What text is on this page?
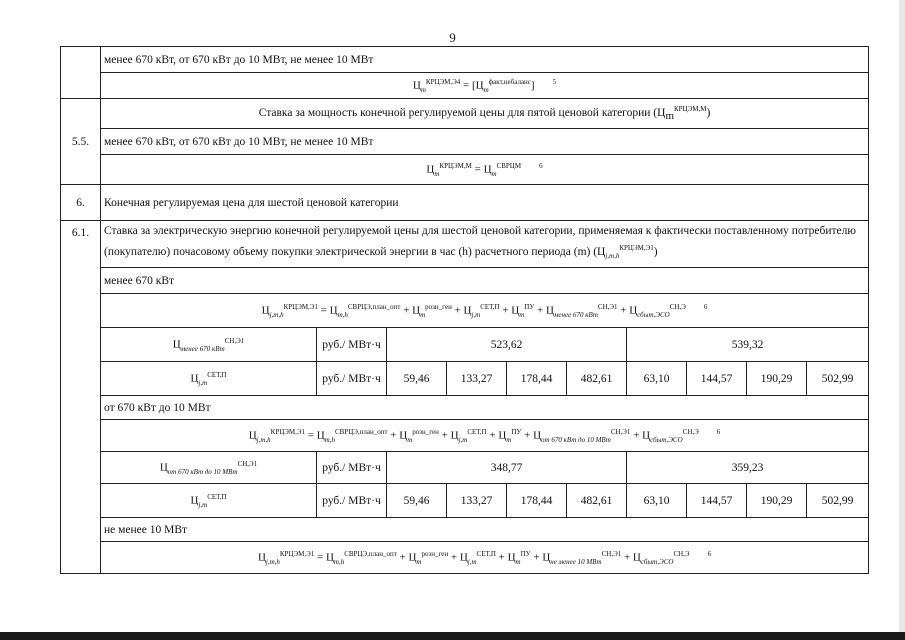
9
	менее 670 кВт, от 670 кВт до 10 МВт, не менее 10 МВт									
	$Ц_m^{КРЦЭМ,Э4} = [Ц_m^{факт,небаланс}]$ $^5$
5.5.	Ставка за мощность конечной регулируемой цены для пятой ценовой категории $(Ц_m^{КРЦЭМ,М})$									
	менее 670 кВт, от 670 кВт до 10 МВт, не менее 10 МВт									
	$Ц_m^{КРЦЭМ,М} = Ц_m^{СВРЦМ}$ $^6$
6.	Конечная регулируемая цена для шестой ценовой категории									
6.1.	Ставка за электрическую энергию конечной регулируемой цены для шестой ценовой категории, применяемая к фактически поставленному потребителю (покупателю) почасовому объему покупки электрической энергии в час (h) расчетного периода (m) $(Ц_{j,m,h}^{КРЦЭМ,Э1})$									
	менее 670 кВт									
	$Ц_{j,m,h}^{КРЦЭМ,Э1} = Ц_{m,h}^{СВРЦЭ,план\_опт} + Ц_m^{розн\_ген} + Ц_{j,m}^{СЕТ,П} + Ц_m^{ПУ} + Ц_{менее 670 кВт}^{СН,Э1} + Ц_{сбыт,ЭСО}^{СН,Э}$ $^6$
	$Ц_{менее 670 кВт}^{СН,Э1}$	руб./ МВт·ч	523,62				539,32			
	$Ц_{j,m}^{СЕТ,П}$	руб./ МВт·ч	59,46	133,27	178,44	482,61	63,10	144,57	190,29	502,99
	от 670 кВт до 10 МВт									
	$Ц_{j,m,h}^{КРЦЭМ,Э1} = Ц_{m,h}^{СВРЦЭ,план\_опт} + Ц_m^{розн\_ген} + Ц_{j,m}^{СЕТ,П} + Ц_m^{ПУ} + Ц_{от 670 кВт до 10 МВт}^{СН,Э1} + Ц_{сбыт,ЭСО}^{СН,Э}$ $^6$
	$Ц_{от 670 кВт до 10 МВт}^{СН,Э1}$	руб./ МВт·ч	348,77				359,23			
	$Ц_{j,m}^{СЕТ,П}$	руб./ МВт·ч	59,46	133,27	178,44	482,61	63,10	144,57	190,29	502,99
	не менее 10 МВт									
	$Ц_{j,m,h}^{КРЦЭМ,Э1} = Ц_{m,h}^{СВРЦЭ,план\_опт} + Ц_m^{розн\_ген} + Ц_{j,m}^{СЕТ,П} + Ц_m^{ПУ} + Ц_{не менее 10 МВт}^{СН,Э1} + Ц_{сбыт,ЭСО}^{СН,Э}$ $^6$
